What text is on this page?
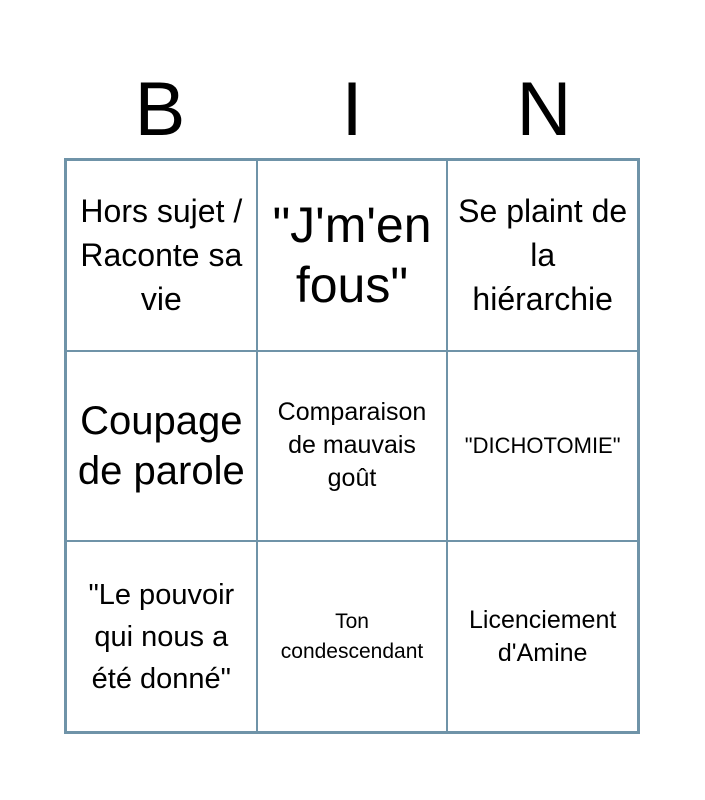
B	I	N
Hors sujet / Raconte sa vie
"J'm'en fous"
Se plaint de la hiérarchie
Coupage de parole
Comparaison de mauvais goût
"DICHOTOMIE"
"Le pouvoir qui nous a été donné"
Ton condescendant
Licenciement d'Amine
